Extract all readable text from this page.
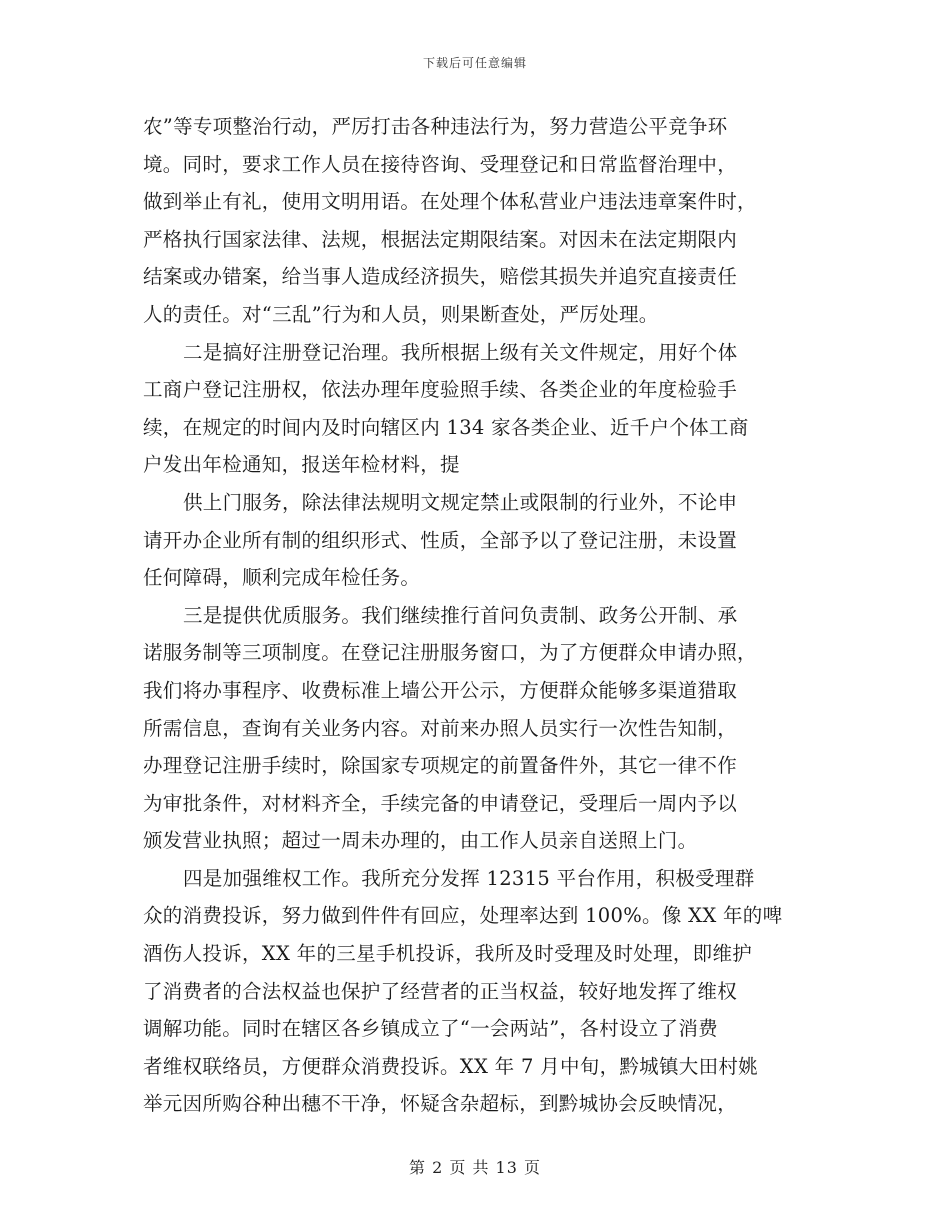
下载后可任意编辑
农”等专项整治行动，严厉打击各种违法行为，努力营造公平竞争环
境。同时，要求工作人员在接待咨询、受理登记和日常监督治理中，
做到举止有礼，使用文明用语。在处理个体私营业户违法违章案件时，
严格执行国家法律、法规，根据法定期限结案。对因未在法定期限内
结案或办错案，给当事人造成经济损失，赔偿其损失并追究直接责任
人的责任。对“三乱”行为和人员，则果断查处，严厉处理。
二是搞好注册登记治理。我所根据上级有关文件规定，用好个体
工商户登记注册权，依法办理年度验照手续、各类企业的年度检验手
续，在规定的时间内及时向辖区内 134 家各类企业、近千户个体工商
户发出年检通知，报送年检材料，提
供上门服务，除法律法规明文规定禁止或限制的行业外，不论申
请开办企业所有制的组织形式、性质，全部予以了登记注册，未设置
任何障碍，顺利完成年检任务。
三是提供优质服务。我们继续推行首问负责制、政务公开制、承
诺服务制等三项制度。在登记注册服务窗口，为了方便群众申请办照，
我们将办事程序、收费标准上墙公开公示，方便群众能够多渠道猎取
所需信息，查询有关业务内容。对前来办照人员实行一次性告知制，
办理登记注册手续时，除国家专项规定的前置备件外，其它一律不作
为审批条件，对材料齐全，手续完备的申请登记，受理后一周内予以
颁发营业执照；超过一周未办理的，由工作人员亲自送照上门。
四是加强维权工作。我所充分发挥 12315 平台作用，积极受理群
众的消费投诉，努力做到件件有回应，处理率达到 100%。像 XX 年的啤
酒伤人投诉，XX 年的三星手机投诉，我所及时受理及时处理，即维护
了消费者的合法权益也保护了经营者的正当权益，较好地发挥了维权
调解功能。同时在辖区各乡镇成立了“一会两站”，各村设立了消费
者维权联络员，方便群众消费投诉。XX 年 7 月中旬，黔城镇大田村姚
举元因所购谷种出穗不干净，怀疑含杂超标，到黔城协会反映情况，
第 2 页 共 13 页
